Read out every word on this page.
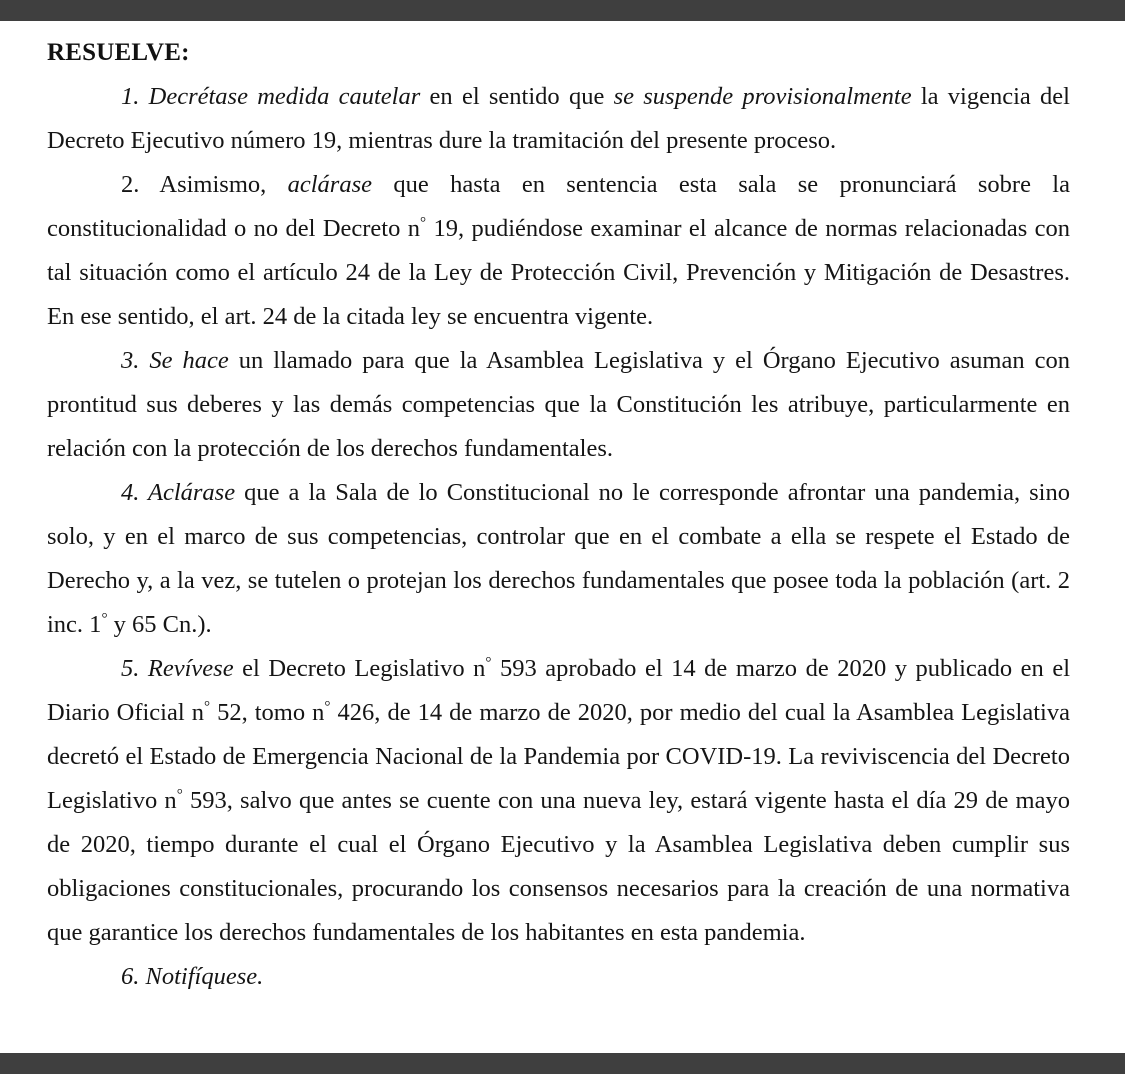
RESUELVE:

1. Decrétase medida cautelar en el sentido que se suspende provisionalmente la vigencia del Decreto Ejecutivo número 19, mientras dure la tramitación del presente proceso.

2. Asimismo, aclárase que hasta en sentencia esta sala se pronunciará sobre la constitucionalidad o no del Decreto n° 19, pudiéndose examinar el alcance de normas relacionadas con tal situación como el artículo 24 de la Ley de Protección Civil, Prevención y Mitigación de Desastres. En ese sentido, el art. 24 de la citada ley se encuentra vigente.

3. Se hace un llamado para que la Asamblea Legislativa y el Órgano Ejecutivo asuman con prontitud sus deberes y las demás competencias que la Constitución les atribuye, particularmente en relación con la protección de los derechos fundamentales.

4. Aclárase que a la Sala de lo Constitucional no le corresponde afrontar una pandemia, sino solo, y en el marco de sus competencias, controlar que en el combate a ella se respete el Estado de Derecho y, a la vez, se tutelen o protejan los derechos fundamentales que posee toda la población (art. 2 inc. 1° y 65 Cn.).

5. Revívese el Decreto Legislativo n° 593 aprobado el 14 de marzo de 2020 y publicado en el Diario Oficial n° 52, tomo n° 426, de 14 de marzo de 2020, por medio del cual la Asamblea Legislativa decretó el Estado de Emergencia Nacional de la Pandemia por COVID-19. La reviviscencia del Decreto Legislativo n° 593, salvo que antes se cuente con una nueva ley, estará vigente hasta el día 29 de mayo de 2020, tiempo durante el cual el Órgano Ejecutivo y la Asamblea Legislativa deben cumplir sus obligaciones constitucionales, procurando los consensos necesarios para la creación de una normativa que garantice los derechos fundamentales de los habitantes en esta pandemia.

6. Notifíquese.
